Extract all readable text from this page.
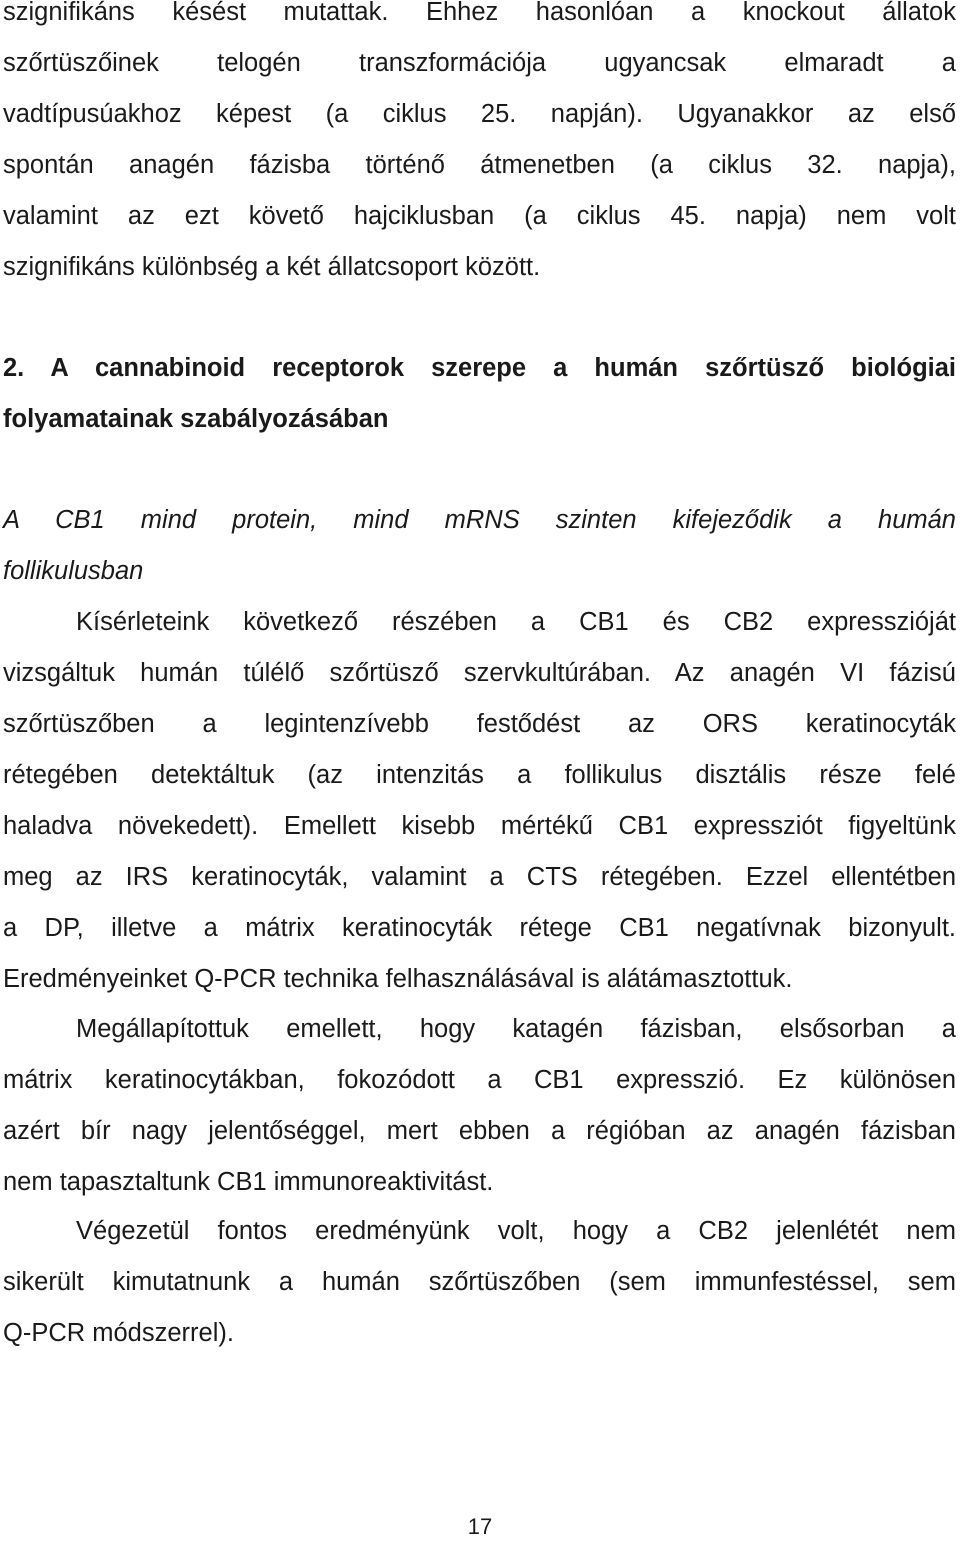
szignifikáns késést mutattak. Ehhez hasonlóan a knockout állatok
szőrtüszőinek telogén transzformációja ugyancsak elmaradt a
vadtípusúakhoz képest (a ciklus 25. napján). Ugyanakkor az első
spontán anagén fázisba történő átmenetben (a ciklus 32. napja),
valamint az ezt követő hajciklusban (a ciklus 45. napja) nem volt
szignifikáns különbség a két állatcsoport között.
2. A cannabinoid receptorok szerepe a humán szőrtüsző biológiai
folyamatainak szabályozásában
A CB1 mind protein, mind mRNS szinten kifejeződik a humán
follikulusban
Kísérleteink következő részében a CB1 és CB2 expresszióját
vizsgáltuk humán túlélő szőrtüsző szervkultúrában. Az anagén VI fázisú
szőrtüszőben a legintenzívebb festődést az ORS keratinocyták
rétegében detektáltuk (az intenzitás a follikulus disztális része felé
haladva növekedett). Emellett kisebb mértékű CB1 expressziót figyeltünk
meg az IRS keratinocyták, valamint a CTS rétegében. Ezzel ellentétben
a DP, illetve a mátrix keratinocyták rétege CB1 negatívnak bizonyult.
Eredményeinket Q-PCR technika felhasználásával is alátámasztottuk.
Megállapítottuk emellett, hogy katagén fázisban, elsősorban a
mátrix keratinocytákban, fokozódott a CB1 expresszió. Ez különösen
azért bír nagy jelentőséggel, mert ebben a régióban az anagén fázisban
nem tapasztaltunk CB1 immunoreaktivitást.
Végezetül fontos eredményünk volt, hogy a CB2 jelenlétét nem
sikerült kimutatnunk a humán szőrtüszőben (sem immunfestéssel, sem
Q-PCR módszerrel).
17
